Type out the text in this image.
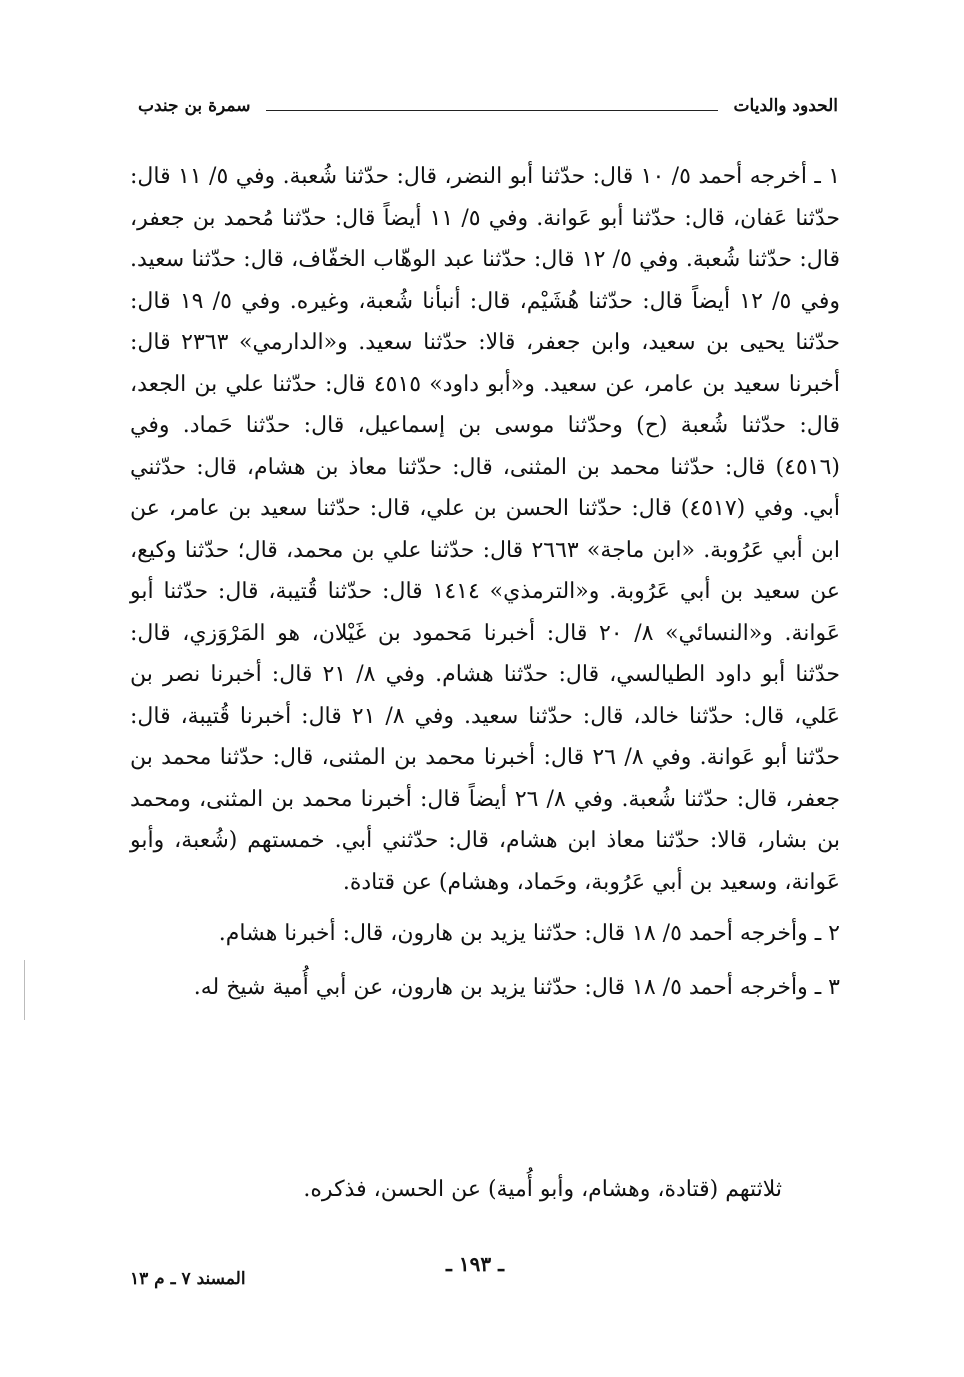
الحدود والديات
سمرة بن جندب

١ ـ أخرجه أحمد ٥/ ١٠ قال: حدّثنا أبو النضر، قال: حدّثنا شُعبة. وفي ٥/ ١١ قال: حدّثنا عَفان، قال: حدّثنا أبو عَوانة. وفي ٥/ ١١ أيضاً قال: حدّثنا مُحمد بن جعفر، قال: حدّثنا شُعبة. وفي ٥/ ١٢ قال: حدّثنا عبد الوهّاب الخفّاف، قال: حدّثنا سعيد. وفي ٥/ ١٢ أيضاً قال: حدّثنا هُشَيْم، قال: أنبأنا شُعبة، وغيره. وفي ٥/ ١٩ قال: حدّثنا يحيى بن سعيد، وابن جعفر، قالا: حدّثنا سعيد. و«الدارمي» ٢٣٦٣ قال: أخبرنا سعيد بن عامر، عن سعيد. و«أبو داود» ٤٥١٥ قال: حدّثنا علي بن الجعد، قال: حدّثنا شُعبة (ح) وحدّثنا موسى بن إسماعيل، قال: حدّثنا حَماد. وفي (٤٥١٦) قال: حدّثنا محمد بن المثنى، قال: حدّثنا معاذ بن هشام، قال: حدّثني أبي. وفي (٤٥١٧) قال: حدّثنا الحسن بن علي، قال: حدّثنا سعيد بن عامر، عن ابن أبي عَرُوبة. «ابن ماجة» ٢٦٦٣ قال: حدّثنا علي بن محمد، قال؛ حدّثنا وكيع، عن سعيد بن أبي عَرُوبة. و«الترمذي» ١٤١٤ قال: حدّثنا قُتيبة، قال: حدّثنا أبو عَوانة. و«النسائي» ٨/ ٢٠ قال: أخبرنا مَحمود بن غَيْلان، هو المَرْوَزي، قال: حدّثنا أبو داود الطيالسي، قال: حدّثنا هشام. وفي ٨/ ٢١ قال: أخبرنا نصر بن عَلي، قال: حدّثنا خالد، قال: حدّثنا سعيد. وفي ٨/ ٢١ قال: أخبرنا قُتيبة، قال: حدّثنا أبو عَوانة. وفي ٨/ ٢٦ قال: أخبرنا محمد بن المثنى، قال: حدّثنا محمد بن جعفر، قال: حدّثنا شُعبة. وفي ٨/ ٢٦ أيضاً قال: أخبرنا محمد بن المثنى، ومحمد بن بشار، قالا: حدّثنا معاذ ابن هشام، قال: حدّثني أبي. خمستهم (شُعبة، وأبو عَوانة، وسعيد بن أبي عَرُوبة، وحَماد، وهشام) عن قتادة.

٢ ـ وأخرجه أحمد ٥/ ١٨ قال: حدّثنا يزيد بن هارون، قال: أخبرنا هشام.

٣ ـ وأخرجه أحمد ٥/ ١٨ قال: حدّثنا يزيد بن هارون، عن أبي أُمية شيخ له.

ثلاثتهم (قتادة، وهشام، وأبو أُمية) عن الحسن، فذكره.
ـ ١٩٣ ـ
المسند ٧ ـ م ١٣
